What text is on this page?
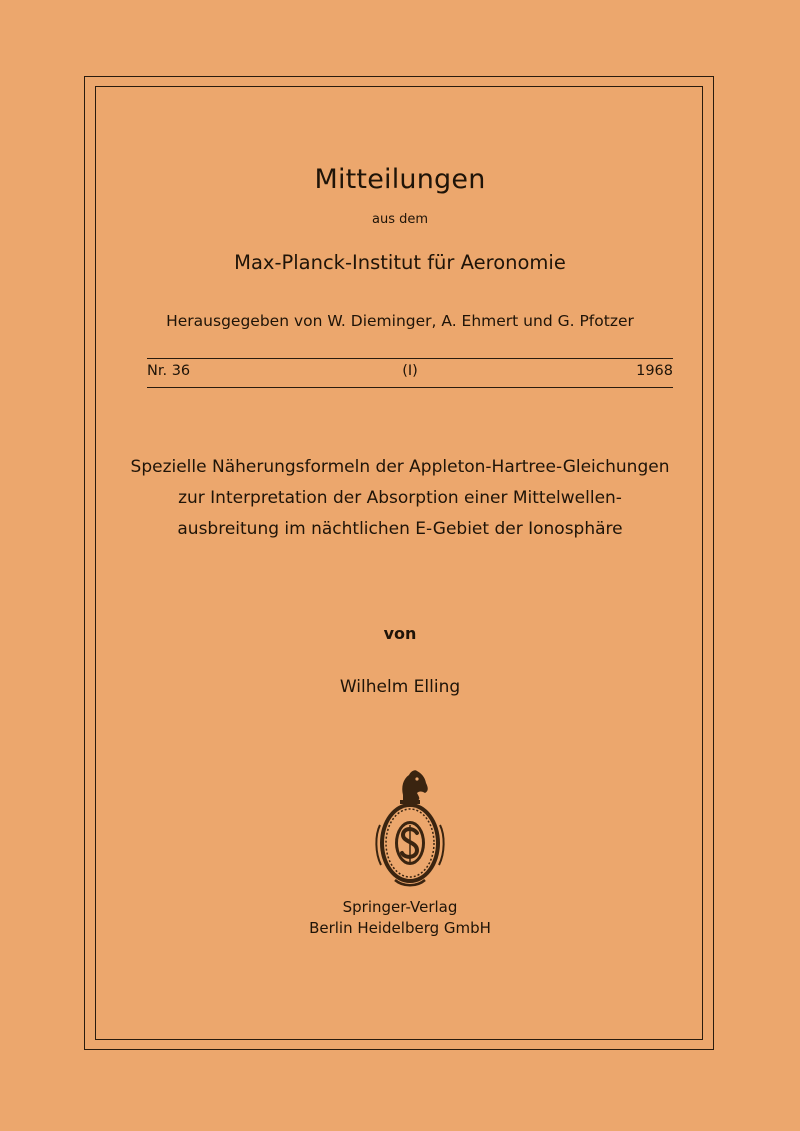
Mitteilungen
aus dem
Max-Planck-Institut für Aeronomie
Herausgegeben von W. Dieminger, A. Ehmert und G. Pfotzer
Nr. 36	(I)	1968
Spezielle Näherungsformeln der Appleton-Hartree-Gleichungen
zur Interpretation der Absorption einer Mittelwellen-
ausbreitung im nächtlichen E-Gebiet der Ionosphäre
von
Wilhelm Elling
Springer-Verlag
Berlin Heidelberg GmbH
